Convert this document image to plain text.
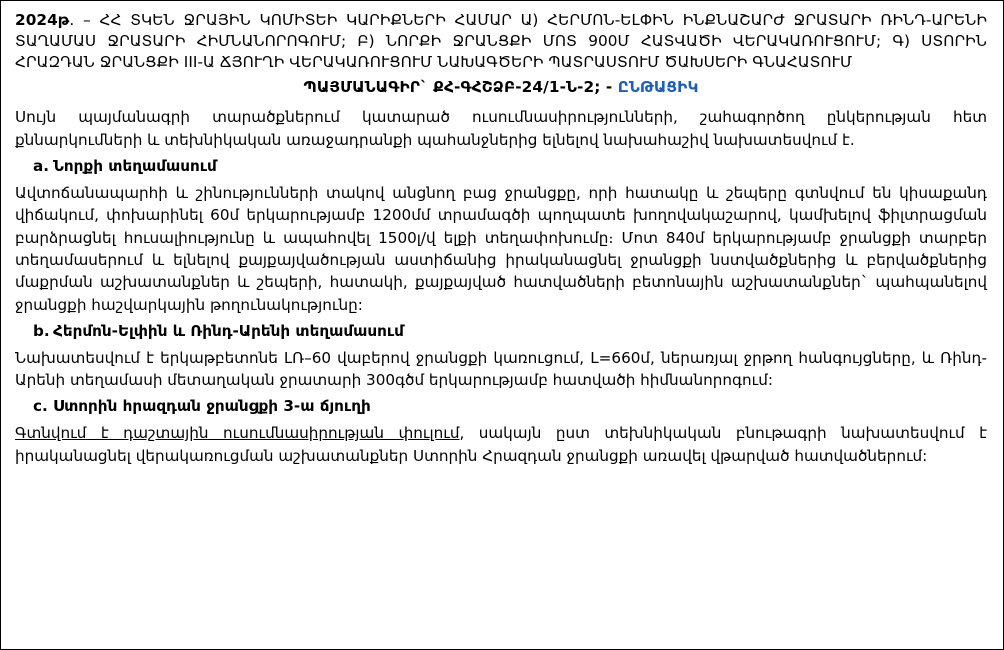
2024թ. – ՀՀ ՏԿԵՆ ՋՐԱՅԻՆ ԿՈՄԻՏԵԻ ԿԱՐԻՔՆԵՐԻ ՀԱՄԱՐ Ա) ՀԵՐՄՈՆ-ԵԼՓԻՆ ԻՆՔՆԱՇԱՐԺ ՋՐԱՏԱՐԻ ՌԻՆԴ-ԱՐԵՆԻ ՏԱՂԱՄԱՍ ՋՐԱՏԱՐԻ ՀԻՄՆԱՆՈՐՈԳՈՒՄ; Բ) ՆՈՐՔԻ ՋՐԱՆՑՔԻ ՄՈՏ 900Մ ՀԱՏՎԱԾԻ ՎԵՐԱԿԱՌՈՒՑՈՒՄ; Գ) ՍՏՈՐԻՆ ՀՐԱԶԴԱՆ ՋՐԱՆՑՔԻ III-Ա ՃՅՈՒՂԻ ՎԵՐԱԿԱՌՈՒՑՈՒՄ ՆԱԽԱԳԾԵՐԻ ՊԱՏՐԱՍՏՈՒՄ ԾԱԽՍԵՐԻ ԳՆԱՀԱՏՈՒՄ

ՊԱՅՄԱՆԱԳԻՐ` ՔՀ-ԳՀՇՁԲ-24/1-Ն-2; - ԸՆԹԱՑԻԿ

Սույն պայմանագրի տարածքներում կատարած ուսումնասիրությունների, շահագործող ընկերության հետ քննարկումների և տեխնիկական առաջադրանքի պահանջներից ելնելով նախահաշիվ նախատեսվում է.

a. Նորքի տեղամասում

Ավտոճանապարհի և շինությունների տակով անցնող բաց ջրանցքը, որի հատակը և շեպերը գտնվում են կիսաքանդ վիճակում, փոխարինել 60մ երկարությամբ 1200մմ տրամագծի պողպատե խողովակաշարով, կամխելով ֆիլտրացման բարձրացնել հուսալիությունը և ապահովել 1500լ/վ ելքի տեղափոխումը։ Մոտ 840մ երկարությամբ ջրանցքի տարբեր տեղամասերում և ելնելով քայքայվածության աստիճանից իրականացնել ջրանցքի նստվածքներից և բերվածքներից մաքրման աշխատանքներ և շեպերի, հատակի, քայքայված հատվածների բետոնային աշխատանքներ` պահպանելով ջրանցքի հաշվարկային թողունակությունը:

b. Հերմոն-Ելփին և Ռինդ-Արենի տեղամասում

Նախատեսվում է երկաթբետոնե ԼՌ–60 վաբերով ջրանցքի կառուցում, L=660մ, ներառյալ ջրթող հանգույցները, և Ռինդ-Արենի տեղամասի մետաղական ջրատարի 300գծմ երկարությամբ հատվածի հիմնանորոգում:

c. Ստորին հրազդան ջրանցքի 3-ա ճյուղի

Գտնվում է դաշտային ուսումնասիրության փուլում, սակայն ըստ տեխնիկական բնութագրի նախատեսվում է իրականացնել վերակառուցման աշխատանքներ Ստորին Հրազդան ջրանցքի առավել վթարված հատվածներում:
